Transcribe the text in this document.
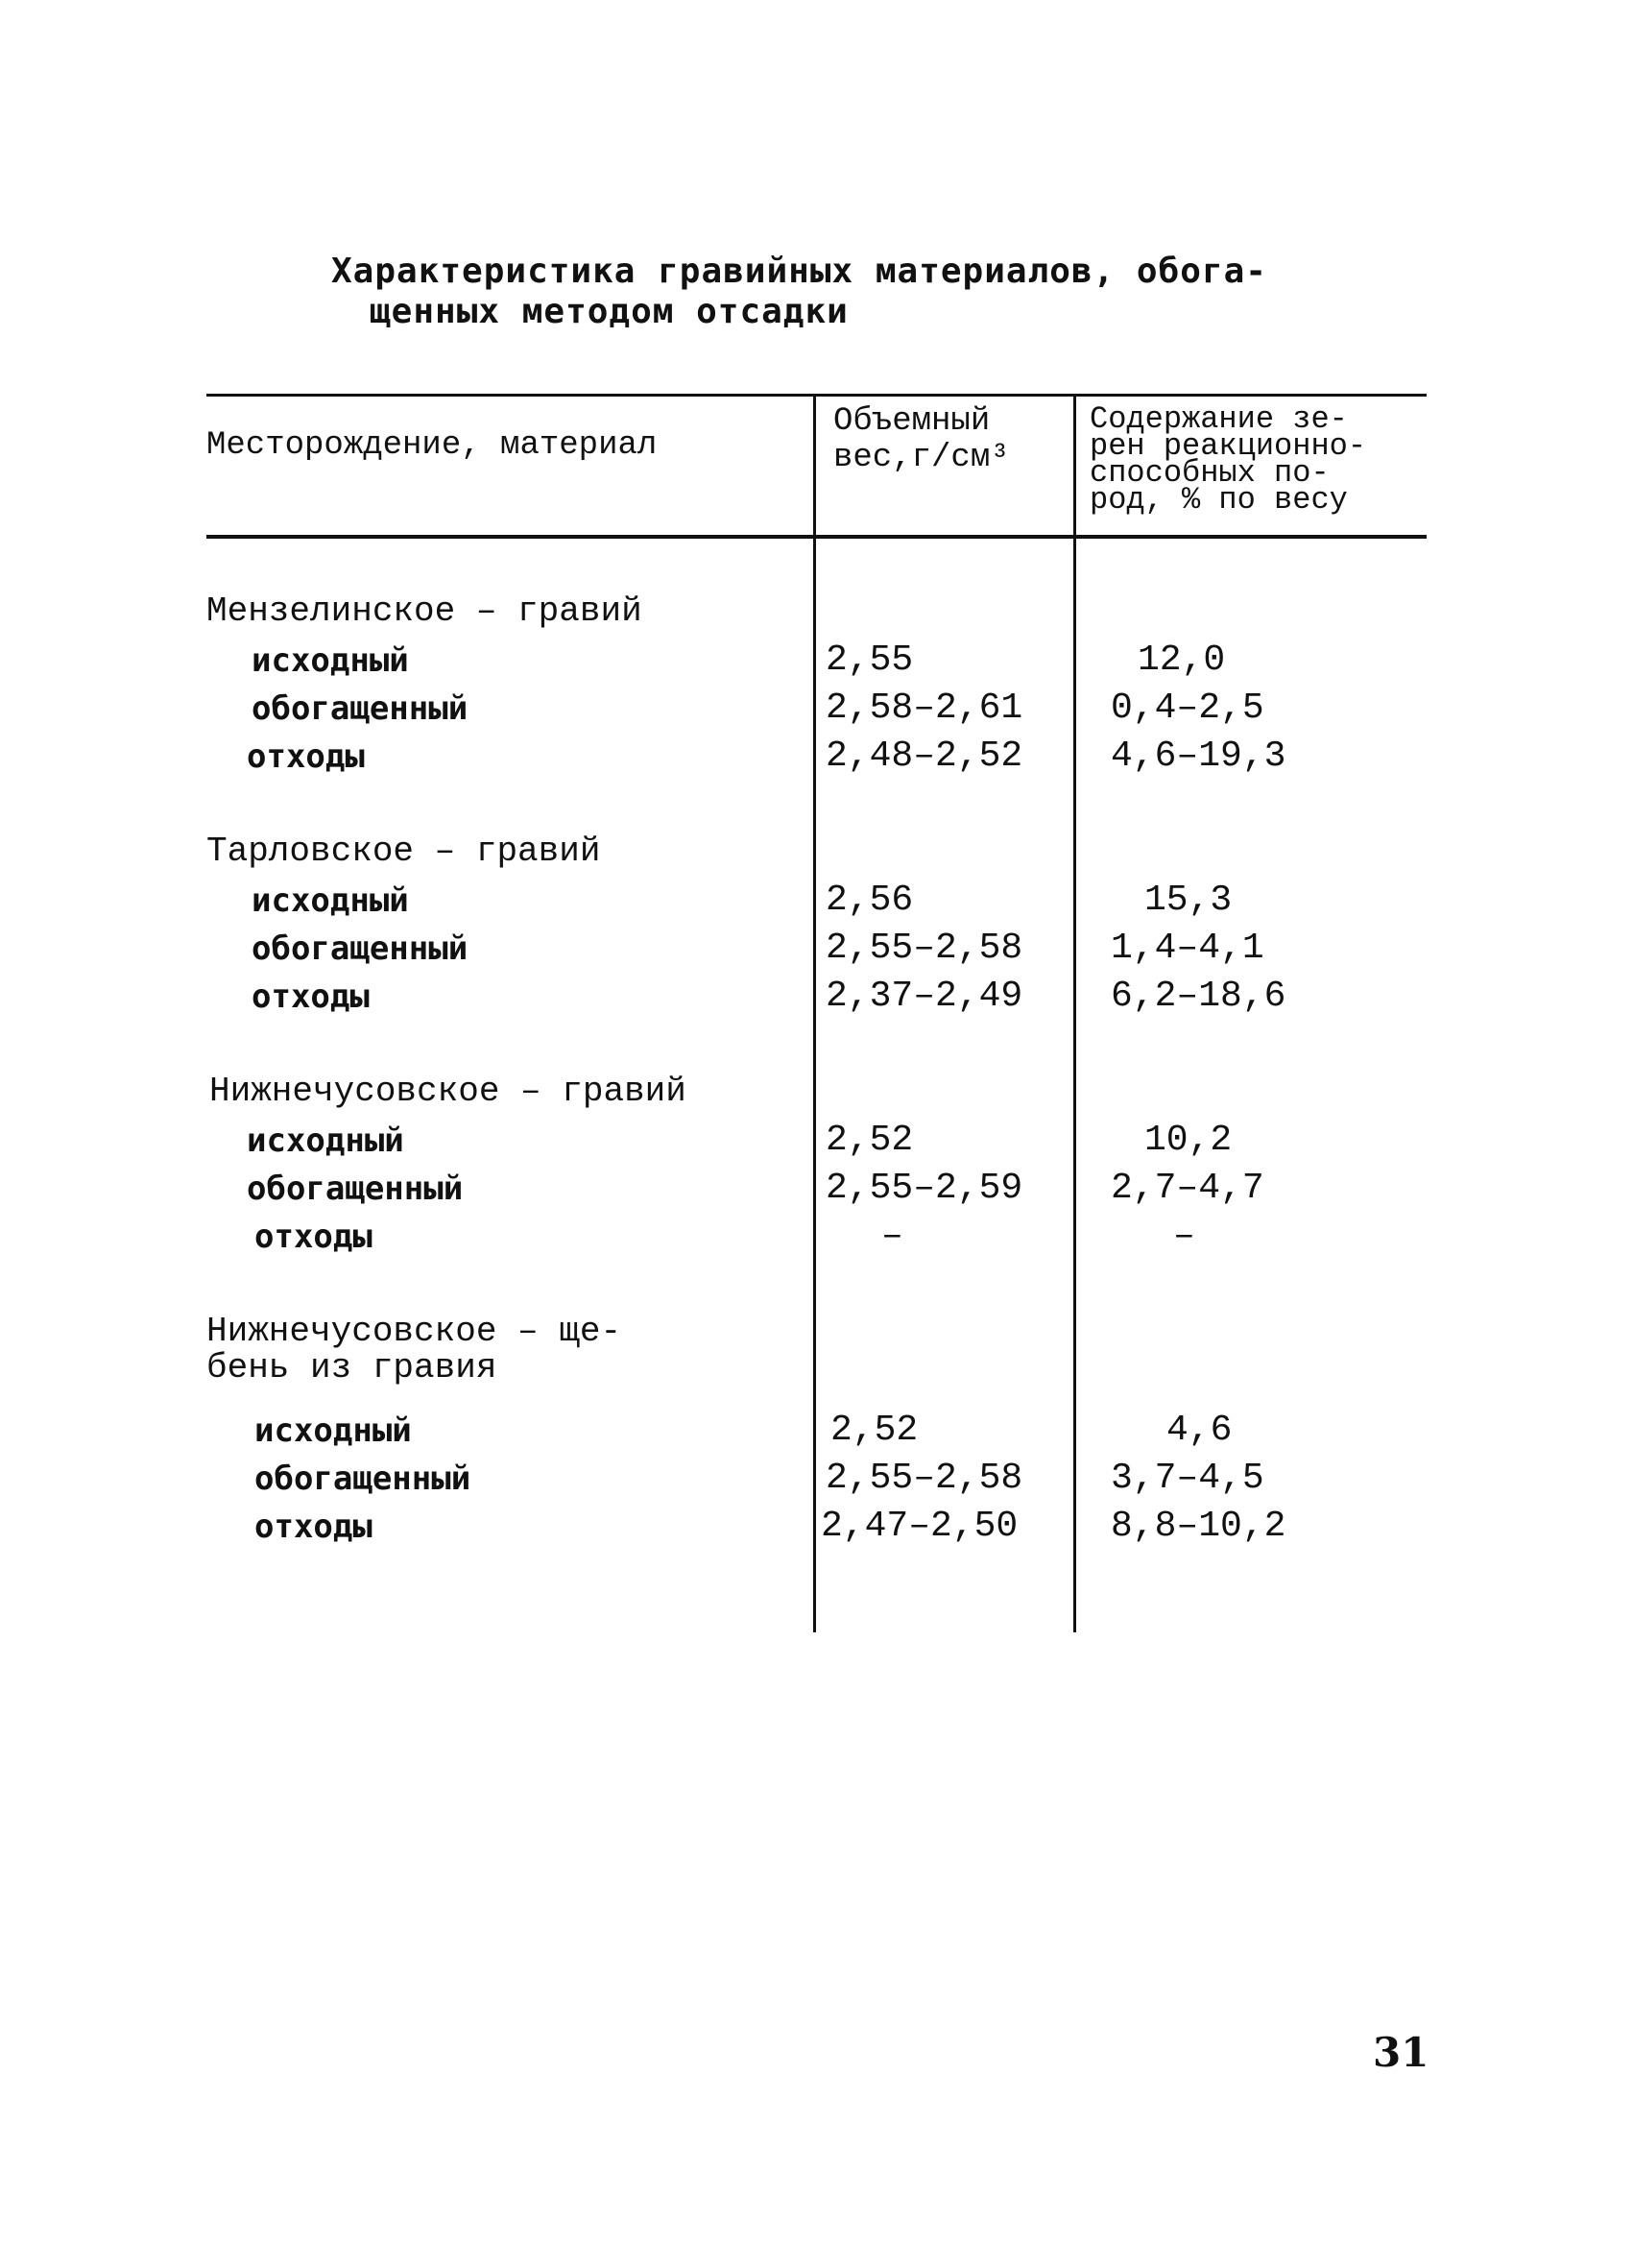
Характеристика гравийных материалов, обога-
щенных методом отсадки
Месторождение, материал
Объемный
вес,г/см³
Содержание зе-
рен реакционно-
способных по-
род, % по весу
Мензелинское – гравий
исходный	2,55	12,0
обогащенный	2,58–2,61 0,4–2,5
отходы	2,48–2,52 4,6–19,3
Тарловское – гравий
исходный	2,56	15,3
обогащенный	2,55–2,58 1,4–4,1
отходы	2,37–2,49 6,2–18,6
Нижнечусовское – гравий
исходный	2,52	10,2
обогащенный	2,55–2,59 2,7–4,7
отходы	–	–
Нижнечусовское – ще-
бень из гравия
исходный	2,52	4,6
обогащенный	2,55–2,58 3,7–4,5
отходы	2,47–2,50	8,8–10,2
31
